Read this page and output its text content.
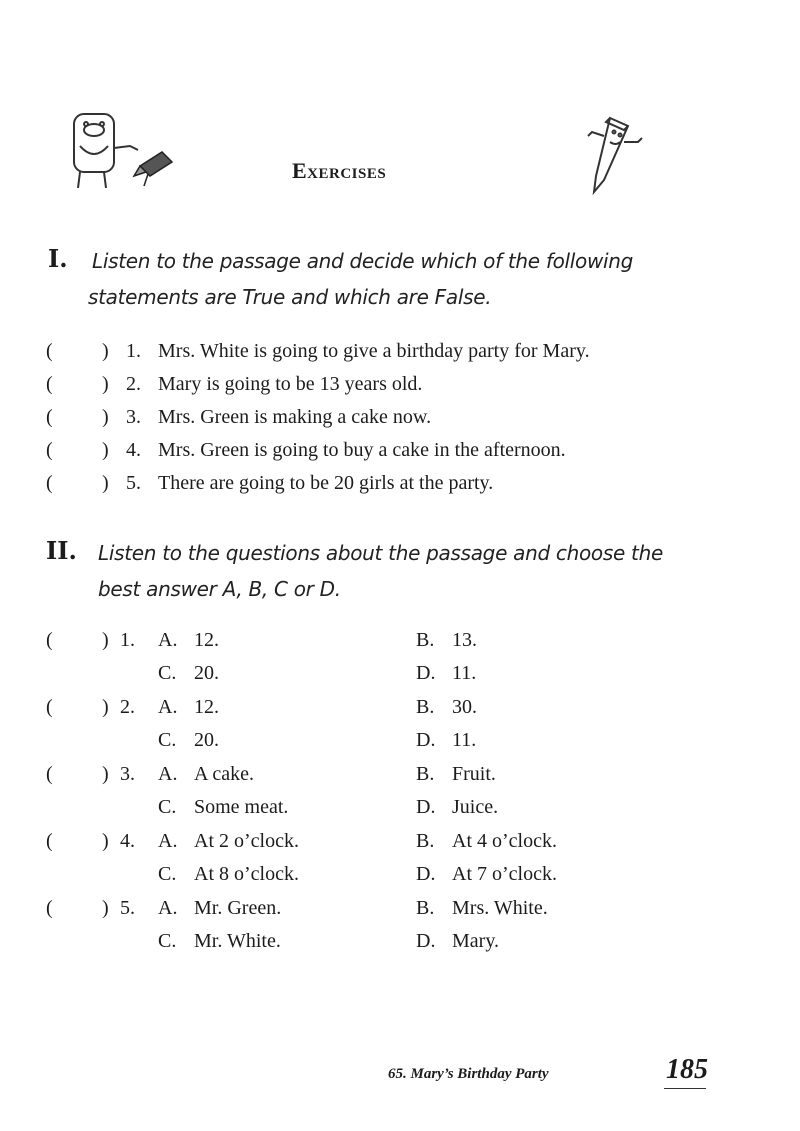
Exercises
I. Listen to the passage and decide which of the following
statements are True and which are False.
( ) 1. Mrs. White is going to give a birthday party for Mary.
( ) 2. Mary is going to be 13 years old.
( ) 3. Mrs. Green is making a cake now.
( ) 4. Mrs. Green is going to buy a cake in the afternoon.
( ) 5. There are going to be 20 girls at the party.
II. Listen to the questions about the passage and choose the
best answer A, B, C or D.
( ) 1. A. 12.	B. 13.
C. 20.	D. 11.
( ) 2. A. 12.	B. 30.
C. 20.	D. 11.
( ) 3. A. A cake.	B. Fruit.
C. Some meat.	D. Juice.
( ) 4. A. At 2 o’clock.	B. At 4 o’clock.
C. At 8 o’clock.	D. At 7 o’clock.
( ) 5. A. Mr. Green.	B. Mrs. White.
C. Mr. White.	D. Mary.
65. Mary’s Birthday Party	185
